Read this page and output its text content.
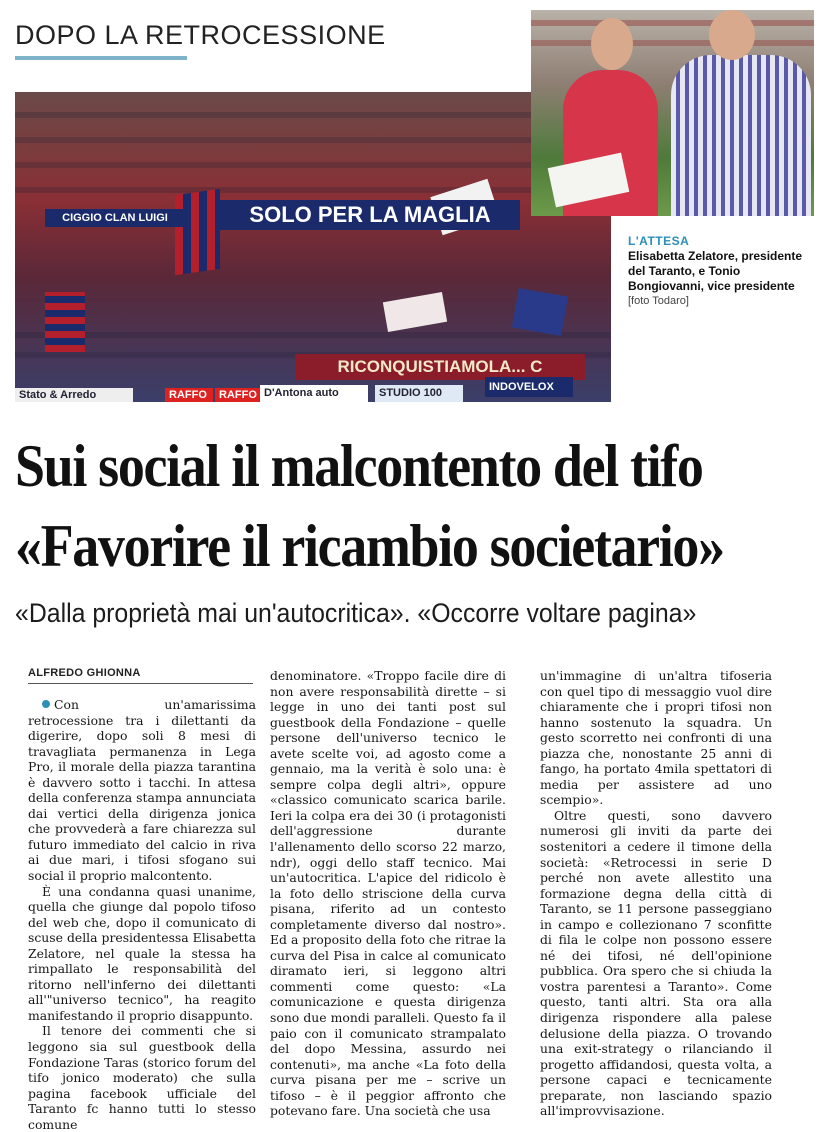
DOPO LA RETROCESSIONE
CIGGIO CLAN LUIGI	SOLO PER LA MAGLIA
RICONQUISTIAMOLA... C
Stato & Arredo	RAFFO	RAFFO D'Antona auto	STUDIO 100	INDOVELOX
L'ATTESA
Elisabetta Zelatore, presidente del Taranto, e Tonio Bongiovanni, vice presidente
[foto Todaro]
Sui social il malcontento del tifo
«Favorire il ricambio societario»
«Dalla proprietà mai un'autocritica». «Occorre voltare pagina»
ALFREDO GHIONNA

Con un'amarissima retrocessione tra i dilettanti da digerire, dopo soli 8 mesi di travagliata permanenza in Lega Pro, il morale della piazza tarantina è davvero sotto i tacchi. In attesa della conferenza stampa annunciata dai vertici della dirigenza jonica che provvederà a fare chiarezza sul futuro immediato del calcio in riva ai due mari, i tifosi sfogano sui social il proprio malcontento.

È una condanna quasi unanime, quella che giunge dal popolo tifoso del web che, dopo il comunicato di scuse della presidentessa Elisabetta Zelatore, nel quale la stessa ha rimpallato le responsabilità del ritorno nell'inferno dei dilettanti all'"universo tecnico", ha reagito manifestando il proprio disappunto.

Il tenore dei commenti che si leggono sia sul guestbook della Fondazione Taras (storico forum del tifo jonico moderato) che sulla pagina facebook ufficiale del Taranto fc hanno tutti lo stesso comune

denominatore. «Troppo facile dire di non avere responsabilità dirette – si legge in uno dei tanti post sul guestbook della Fondazione – quelle persone dell'universo tecnico le avete scelte voi, ad agosto come a gennaio, ma la verità è solo una: è sempre colpa degli altri», oppure «classico comunicato scarica barile. Ieri la colpa era dei 30 (i protagonisti dell'aggressione durante l'allenamento dello scorso 22 marzo, ndr), oggi dello staff tecnico. Mai un'autocritica. L'apice del ridicolo è la foto dello striscione della curva pisana, riferito ad un contesto completamente diverso dal nostro». Ed a proposito della foto che ritrae la curva del Pisa in calce al comunicato diramato ieri, si leggono altri commenti come questo: «La comunicazione e questa dirigenza sono due mondi paralleli. Questo fa il paio con il comunicato strampalato del dopo Messina, assurdo nei contenuti», ma anche «La foto della curva pisana per me – scrive un tifoso – è il peggior affronto che potevano fare. Una società che usa

un'immagine di un'altra tifoseria con quel tipo di messaggio vuol dire chiaramente che i propri tifosi non hanno sostenuto la squadra. Un gesto scorretto nei confronti di una piazza che, nonostante 25 anni di fango, ha portato 4mila spettatori di media per assistere ad uno scempio».

Oltre questi, sono davvero numerosi gli inviti da parte dei sostenitori a cedere il timone della società: «Retrocessi in serie D perché non avete allestito una formazione degna della città di Taranto, se 11 persone passeggiano in campo e collezionano 7 sconfitte di fila le colpe non possono essere né dei tifosi, né dell'opinione pubblica. Ora spero che si chiuda la vostra parentesi a Taranto». Come questo, tanti altri. Sta ora alla dirigenza rispondere alla palese delusione della piazza. O trovando una exit-strategy o rilanciando il progetto affidandosi, questa volta, a persone capaci e tecnicamente preparate, non lasciando spazio all'improvvisazione.
